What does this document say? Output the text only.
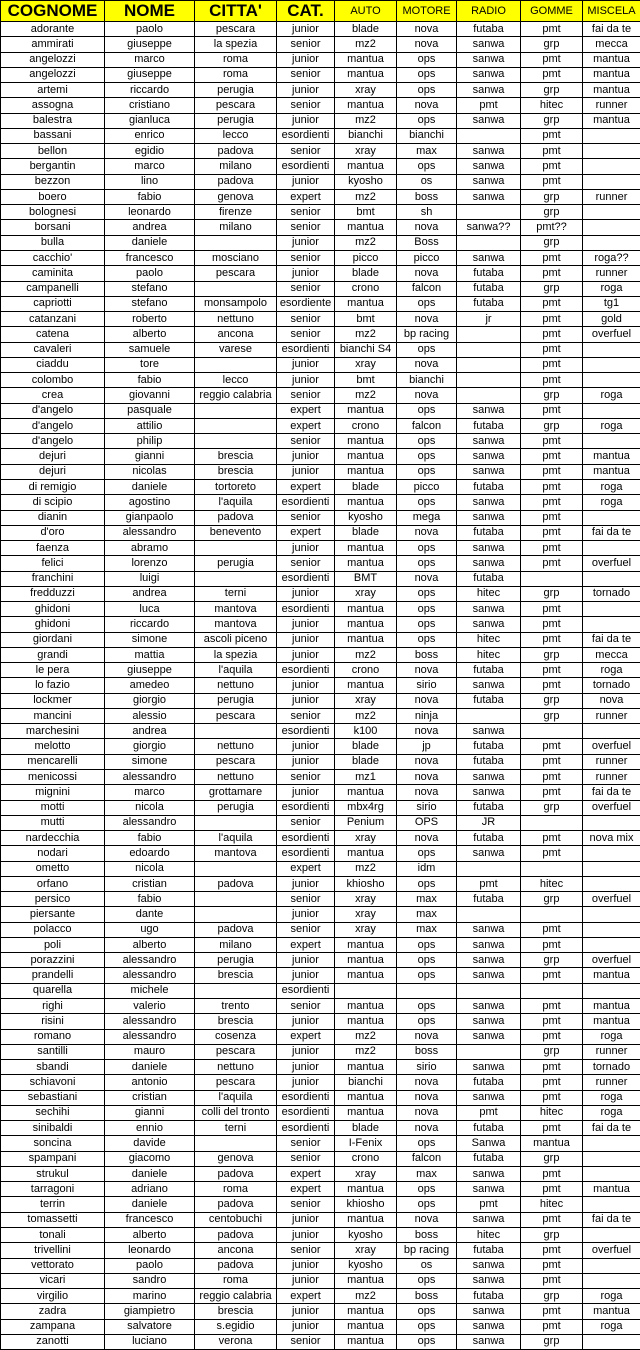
COGNOME	NOME	CITTA'	CAT.	AUTO	MOTORE	RADIO	GOMME	MISCELA
adorante	paolo	pescara	junior	blade	nova	futaba	pmt	fai da te
ammirati	giuseppe	la spezia	senior	mz2	nova	sanwa	grp	mecca
angelozzi	marco	roma	junior	mantua	ops	sanwa	pmt	mantua
angelozzi	giuseppe	roma	senior	mantua	ops	sanwa	pmt	mantua
artemi	riccardo	perugia	junior	xray	ops	sanwa	grp	mantua
assogna	cristiano	pescara	senior	mantua	nova	pmt	hitec	runner
balestra	gianluca	perugia	junior	mz2	ops	sanwa	grp	mantua
bassani	enrico	lecco	esordienti	bianchi	bianchi		pmt	
bellon	egidio	padova	senior	xray	max	sanwa	pmt	
bergantin	marco	milano	esordienti	mantua	ops	sanwa	pmt	
bezzon	lino	padova	junior	kyosho	os	sanwa	pmt	
boero	fabio	genova	expert	mz2	boss	sanwa	grp	runner
bolognesi	leonardo	firenze	senior	bmt	sh		grp	
borsani	andrea	milano	senior	mantua	nova	sanwa??	pmt??	
bulla	daniele		junior	mz2	Boss		grp	
cacchio'	francesco	mosciano	senior	picco	picco	sanwa	pmt	roga??
caminita	paolo	pescara	junior	blade	nova	futaba	pmt	runner
campanelli	stefano		senior	crono	falcon	futaba	grp	roga
capriotti	stefano	monsampolo	esordiente	mantua	ops	futaba	pmt	tg1
catanzani	roberto	nettuno	senior	bmt	nova	jr	pmt	gold
catena	alberto	ancona	senior	mz2	bp racing		pmt	overfuel
cavaleri	samuele	varese	esordienti	bianchi S4	ops		pmt	
ciaddu	tore		junior	xray	nova		pmt	
colombo	fabio	lecco	junior	bmt	bianchi		pmt	
crea	giovanni	reggio calabria	senior	mz2	nova		grp	roga
d'angelo	pasquale		expert	mantua	ops	sanwa	pmt	
d'angelo	attilio		expert	crono	falcon	futaba	grp	roga
d'angelo	philip		senior	mantua	ops	sanwa	pmt	
dejuri	gianni	brescia	junior	mantua	ops	sanwa	pmt	mantua
dejuri	nicolas	brescia	junior	mantua	ops	sanwa	pmt	mantua
di remigio	daniele	tortoreto	expert	blade	picco	futaba	pmt	roga
di scipio	agostino	l'aquila	esordienti	mantua	ops	sanwa	pmt	roga
dianin	gianpaolo	padova	senior	kyosho	mega	sanwa	pmt	
d'oro	alessandro	benevento	expert	blade	nova	futaba	pmt	fai da te
faenza	abramo		junior	mantua	ops	sanwa	pmt	
felici	lorenzo	perugia	senior	mantua	ops	sanwa	pmt	overfuel
franchini	luigi		esordienti	BMT	nova	futaba		
fredduzzi	andrea	terni	junior	xray	ops	hitec	grp	tornado
ghidoni	luca	mantova	esordienti	mantua	ops	sanwa	pmt	
ghidoni	riccardo	mantova	junior	mantua	ops	sanwa	pmt	
giordani	simone	ascoli piceno	junior	mantua	ops	hitec	pmt	fai da te
grandi	mattia	la spezia	junior	mz2	boss	hitec	grp	mecca
le pera	giuseppe	l'aquila	esordienti	crono	nova	futaba	pmt	roga
lo fazio	amedeo	nettuno	junior	mantua	sirio	sanwa	pmt	tornado
lockmer	giorgio	perugia	junior	xray	nova	futaba	grp	nova
mancini	alessio	pescara	senior	mz2	ninja		grp	runner
marchesini	andrea		esordienti	k100	nova	sanwa		
melotto	giorgio	nettuno	junior	blade	jp	futaba	pmt	overfuel
mencarelli	simone	pescara	junior	blade	nova	futaba	pmt	runner
menicossi	alessandro	nettuno	senior	mz1	nova	sanwa	pmt	runner
mignini	marco	grottamare	junior	mantua	nova	sanwa	pmt	fai da te
motti	nicola	perugia	esordienti	mbx4rg	sirio	futaba	grp	overfuel
mutti	alessandro		senior	Penium	OPS	JR		
nardecchia	fabio	l'aquila	esordienti	xray	nova	futaba	pmt	nova mix
nodari	edoardo	mantova	esordienti	mantua	ops	sanwa	pmt	
ometto	nicola		expert	mz2	idm			
orfano	cristian	padova	junior	khiosho	ops	pmt	hitec	
persico	fabio		senior	xray	max	futaba	grp	overfuel
piersante	dante		junior	xray	max			
polacco	ugo	padova	senior	xray	max	sanwa	pmt	
poli	alberto	milano	expert	mantua	ops	sanwa	pmt	
porazzini	alessandro	perugia	junior	mantua	ops	sanwa	grp	overfuel
prandelli	alessandro	brescia	junior	mantua	ops	sanwa	pmt	mantua
quarella	michele		esordienti					
righi	valerio	trento	senior	mantua	ops	sanwa	pmt	mantua
risini	alessandro	brescia	junior	mantua	ops	sanwa	pmt	mantua
romano	alessandro	cosenza	expert	mz2	nova	sanwa	pmt	roga
santilli	mauro	pescara	junior	mz2	boss		grp	runner
sbandi	daniele	nettuno	junior	mantua	sirio	sanwa	pmt	tornado
schiavoni	antonio	pescara	junior	bianchi	nova	futaba	pmt	runner
sebastiani	cristian	l'aquila	esordienti	mantua	nova	sanwa	pmt	roga
sechihi	gianni	colli del tronto	esordienti	mantua	nova	pmt	hitec	roga
sinibaldi	ennio	terni	esordienti	blade	nova	futaba	pmt	fai da te
soncina	davide		senior	I-Fenix	ops	Sanwa	mantua	
spampani	giacomo	genova	senior	crono	falcon	futaba	grp	
strukul	daniele	padova	expert	xray	max	sanwa	pmt	
tarragoni	adriano	roma	expert	mantua	ops	sanwa	pmt	mantua
terrin	daniele	padova	senior	khiosho	ops	pmt	hitec	
tomassetti	francesco	centobuchi	junior	mantua	nova	sanwa	pmt	fai da te
tonali	alberto	padova	junior	kyosho	boss	hitec	grp	
trivellini	leonardo	ancona	senior	xray	bp racing	futaba	pmt	overfuel
vettorato	paolo	padova	junior	kyosho	os	sanwa	pmt	
vicari	sandro	roma	junior	mantua	ops	sanwa	pmt	
virgilio	marino	reggio calabria	expert	mz2	boss	futaba	grp	roga
zadra	giampietro	brescia	junior	mantua	ops	sanwa	pmt	mantua
zampana	salvatore	s.egidio	junior	mantua	ops	sanwa	pmt	roga
zanotti	luciano	verona	senior	mantua	ops	sanwa	grp	
